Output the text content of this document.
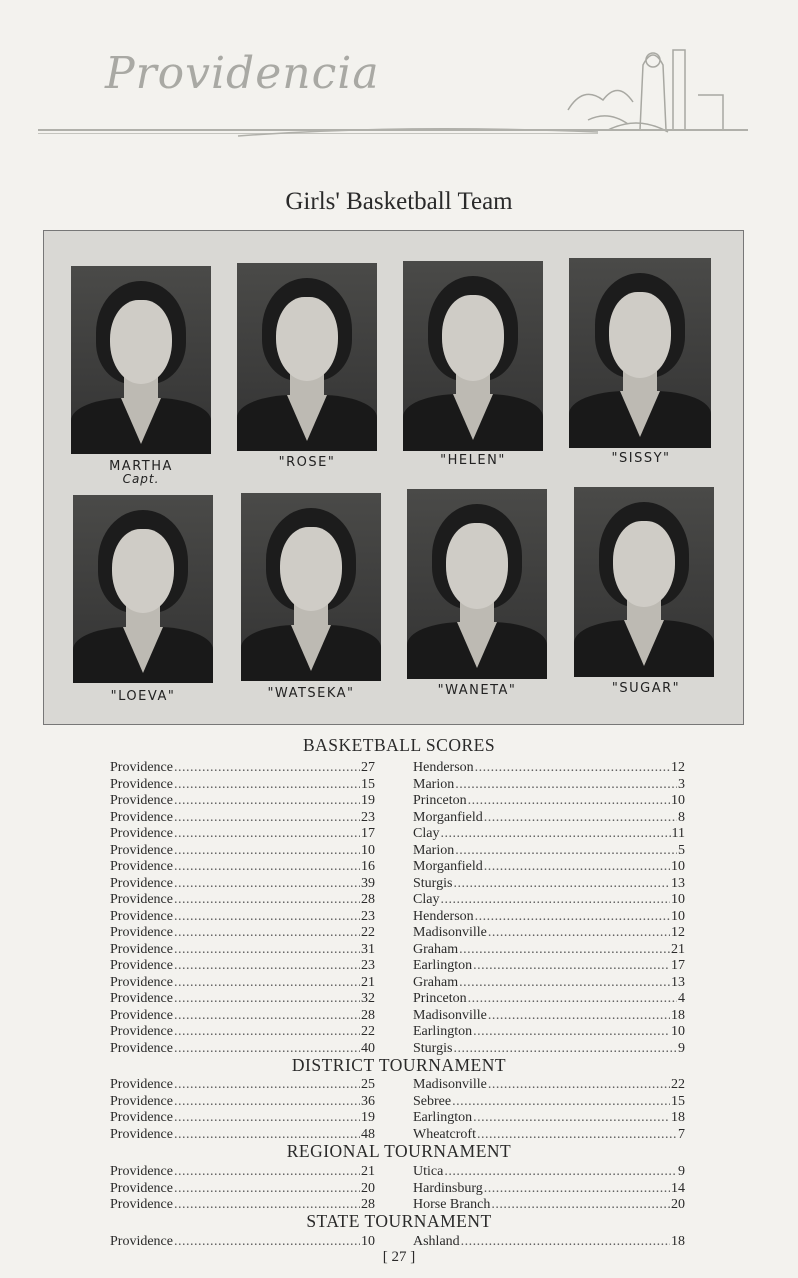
Providencia
Girls' Basketball Team
MARTHA
Capt.
"ROSE"	"HELEN"	"SISSY"
"LOEVA"	"WATSEKA"	"WANETA"	"SUGAR"
BASKETBALL SCORES
Providence .....	27	Henderson .....	12
Providence .....	15	Marion .....	3
Providence .....	19	Princeton .....	10
Providence .....	23	Morganfield .....	8
Providence .....	17	Clay .....	11
Providence .....	10	Marion .....	5
Providence .....	16	Morganfield .....	10
Providence .....	39	Sturgis .....	13
Providence .....	28	Clay .....	10
Providence .....	23	Henderson .....	10
Providence .....	22	Madisonville .....	12
Providence .....	31	Graham .....	21
Providence .....	23	Earlington .....	17
Providence .....	21	Graham .....	13
Providence .....	32	Princeton .....	4
Providence .....	28	Madisonville .....	18
Providence .....	22	Earlington .....	10
Providence .....	40	Sturgis .....	9
DISTRICT TOURNAMENT
Providence .....	25	Madisonville .....	22
Providence .....	36	Sebree .....	15
Providence .....	19	Earlington .....	18
Providence .....	48	Wheatcroft .....	7
REGIONAL TOURNAMENT
Providence .....	21	Utica .....	9
Providence .....	20	Hardinsburg .....	14
Providence .....	28	Horse Branch .....	20
STATE TOURNAMENT
Providence .....	10	Ashland .....	18
[ 27 ]
